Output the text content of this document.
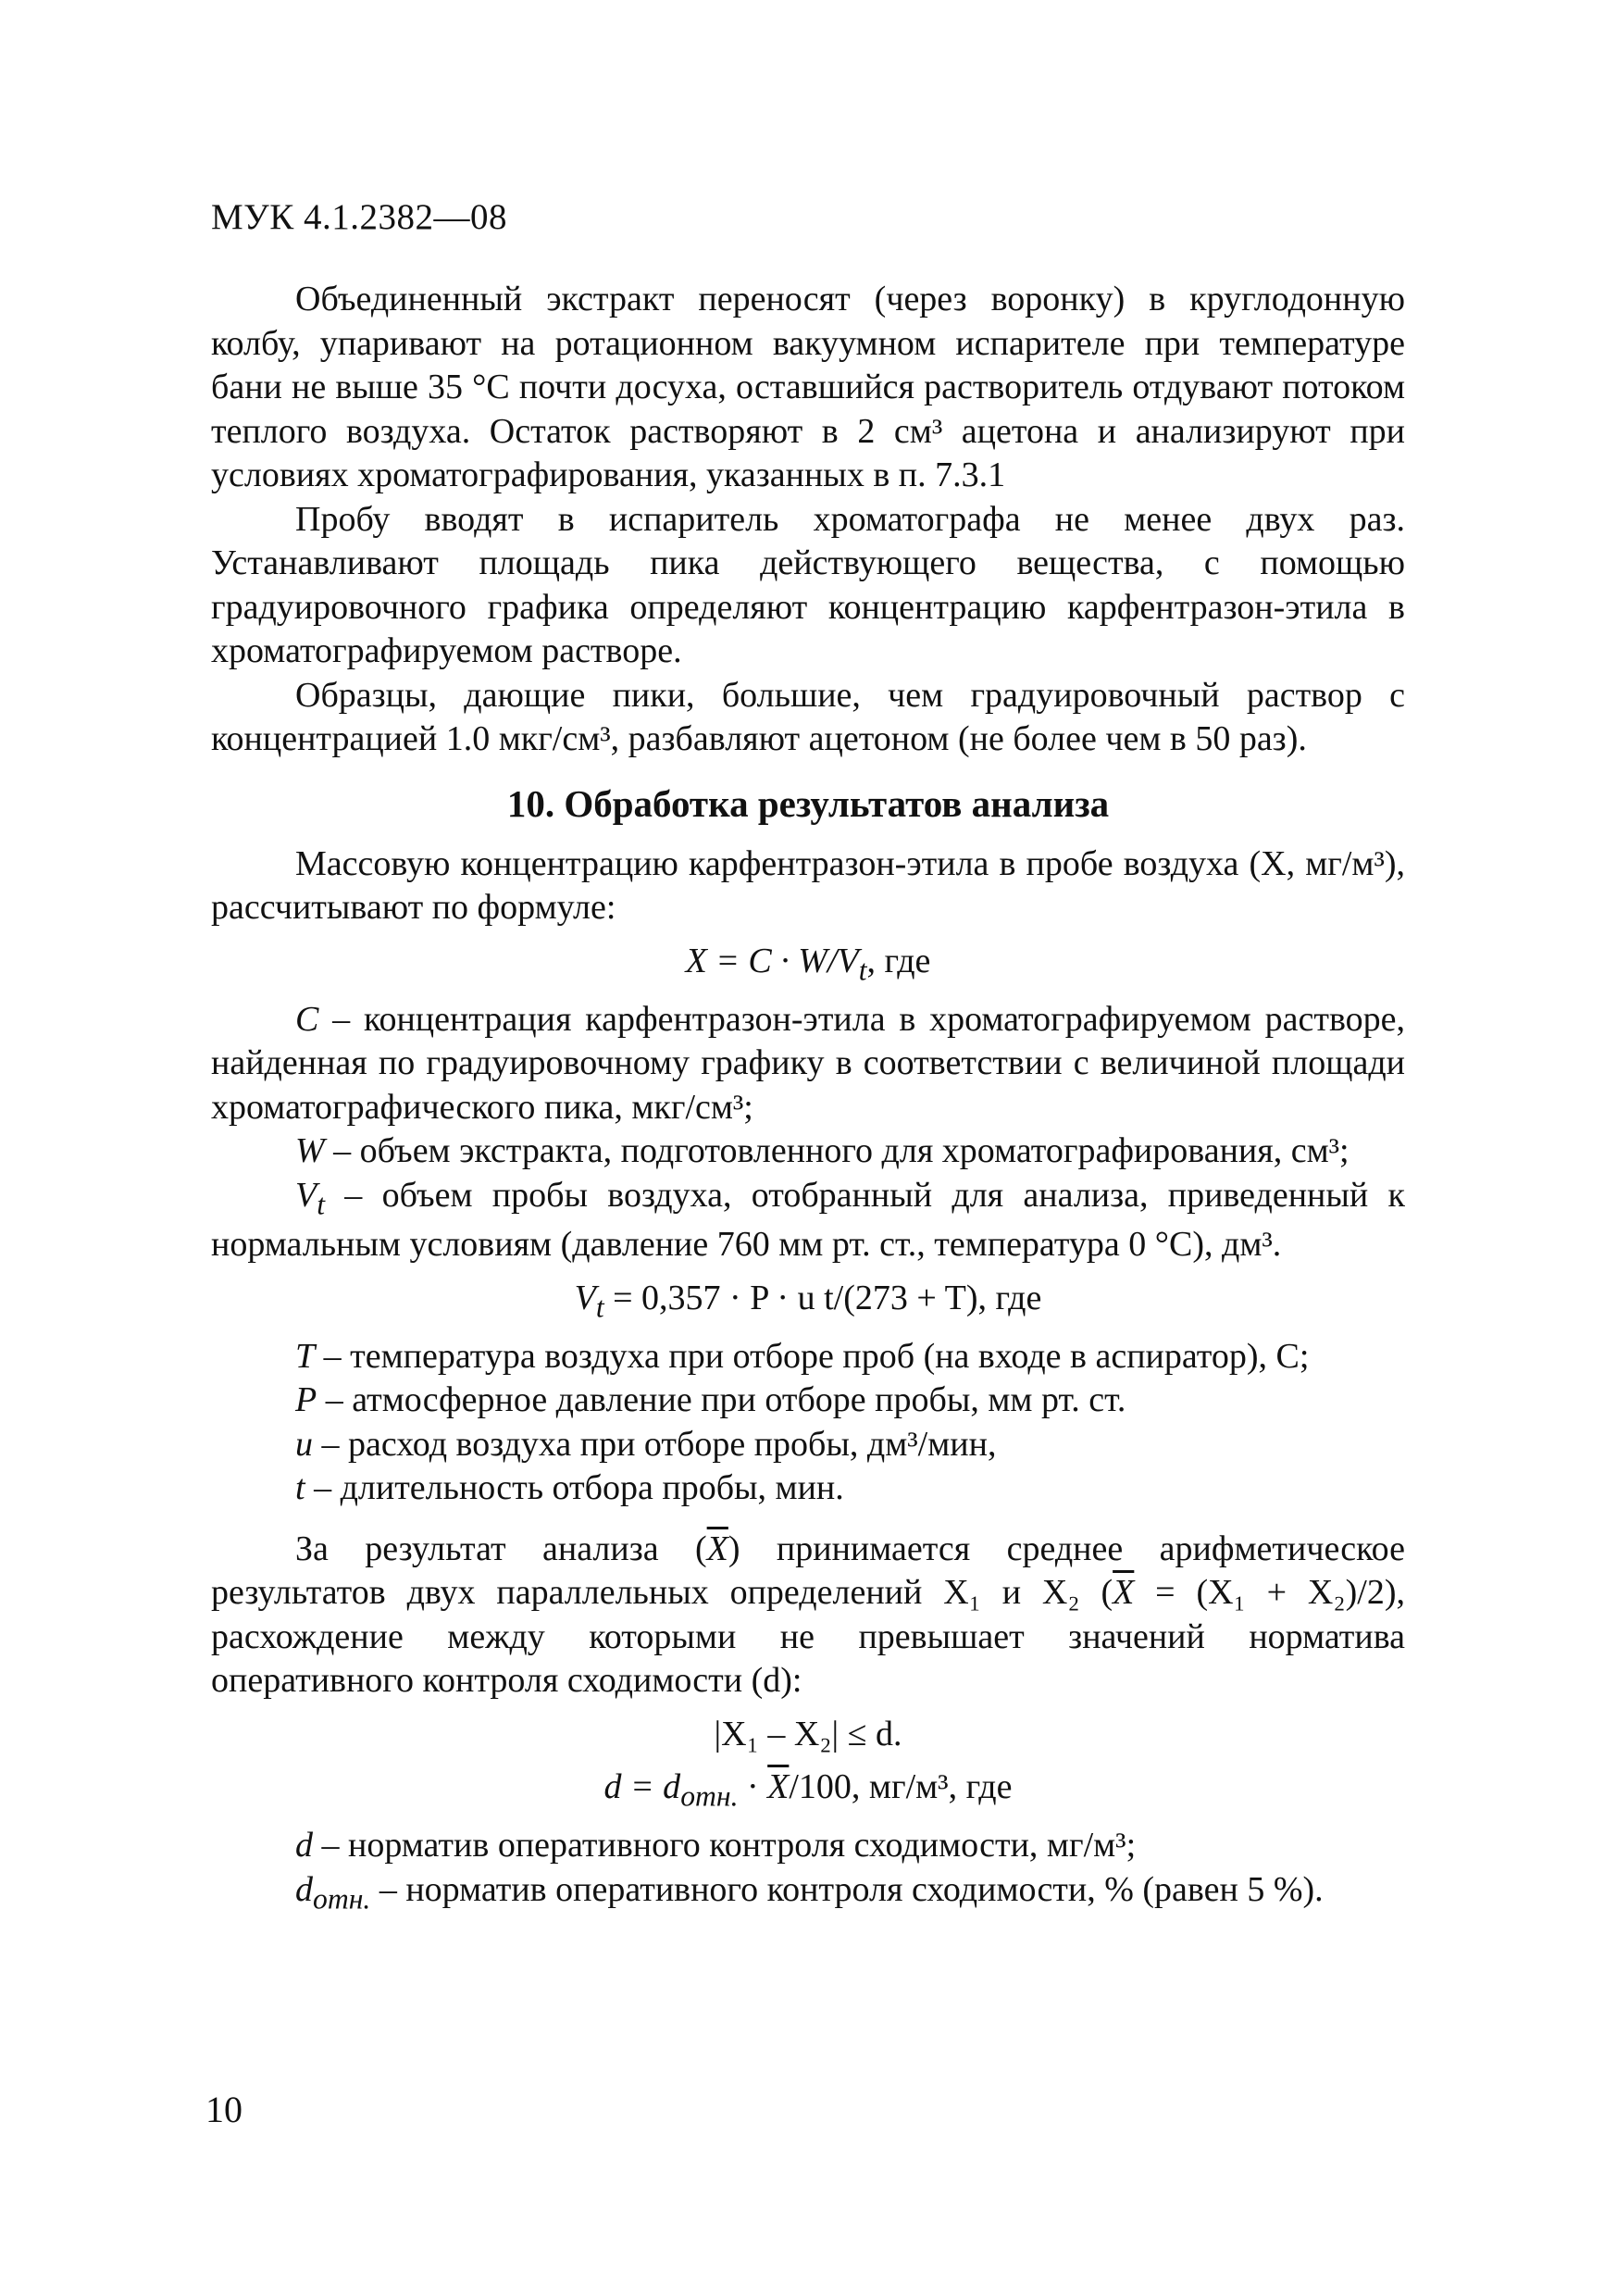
МУК 4.1.2382—08

Объединенный экстракт переносят (через воронку) в круглодонную колбу, упаривают на ротационном вакуумном испарителе при температуре бани не выше 35 °С почти досуха, оставшийся растворитель отдувают потоком теплого воздуха. Остаток растворяют в 2 см³ ацетона и анализируют при условиях хроматографирования, указанных в п. 7.3.1

Пробу вводят в испаритель хроматографа не менее двух раз. Устанавливают площадь пика действующего вещества, с помощью градуировочного графика определяют концентрацию карфентразон-этила в хроматографируемом растворе.

Образцы, дающие пики, большие, чем градуировочный раствор с концентрацией 1.0 мкг/см³, разбавляют ацетоном (не более чем в 50 раз).

10. Обработка результатов анализа

Массовую концентрацию карфентразон-этила в пробе воздуха (X, мг/м³), рассчитывают по формуле:

$X = C \cdot W/V_t$, где

C – концентрация карфентразон-этила в хроматографируемом растворе, найденная по градуировочному графику в соответствии с величиной площади хроматографического пика, мкг/см³;

W – объем экстракта, подготовленного для хроматографирования, см³;

$V_t$ – объем пробы воздуха, отобранный для анализа, приведенный к нормальным условиям (давление 760 мм рт. ст., температура 0 °С), дм³.

$V_t = 0,357 \cdot P \cdot u$ t/(273 + T), где

T – температура воздуха при отборе проб (на входе в аспиратор), С;

P – атмосферное давление при отборе пробы, мм рт. ст.

u – расход воздуха при отборе пробы, дм³/мин,

t – длительность отбора пробы, мин.

За результат анализа $(\overline{X})$ принимается среднее арифметическое результатов двух параллельных определений X₁ и X₂ $(\overline{X} = (X_1 + X_2)/2)$, расхождение между которыми не превышает значений норматива оперативного контроля сходимости (d):

|X₁ – X₂| ≤ d.

$d = d_{отн.} \cdot \overline{X}/100$, мг/м³, где

d – норматив оперативного контроля сходимости, мг/м³;

$d_{отн.}$ – норматив оперативного контроля сходимости, % (равен 5 %).

10
